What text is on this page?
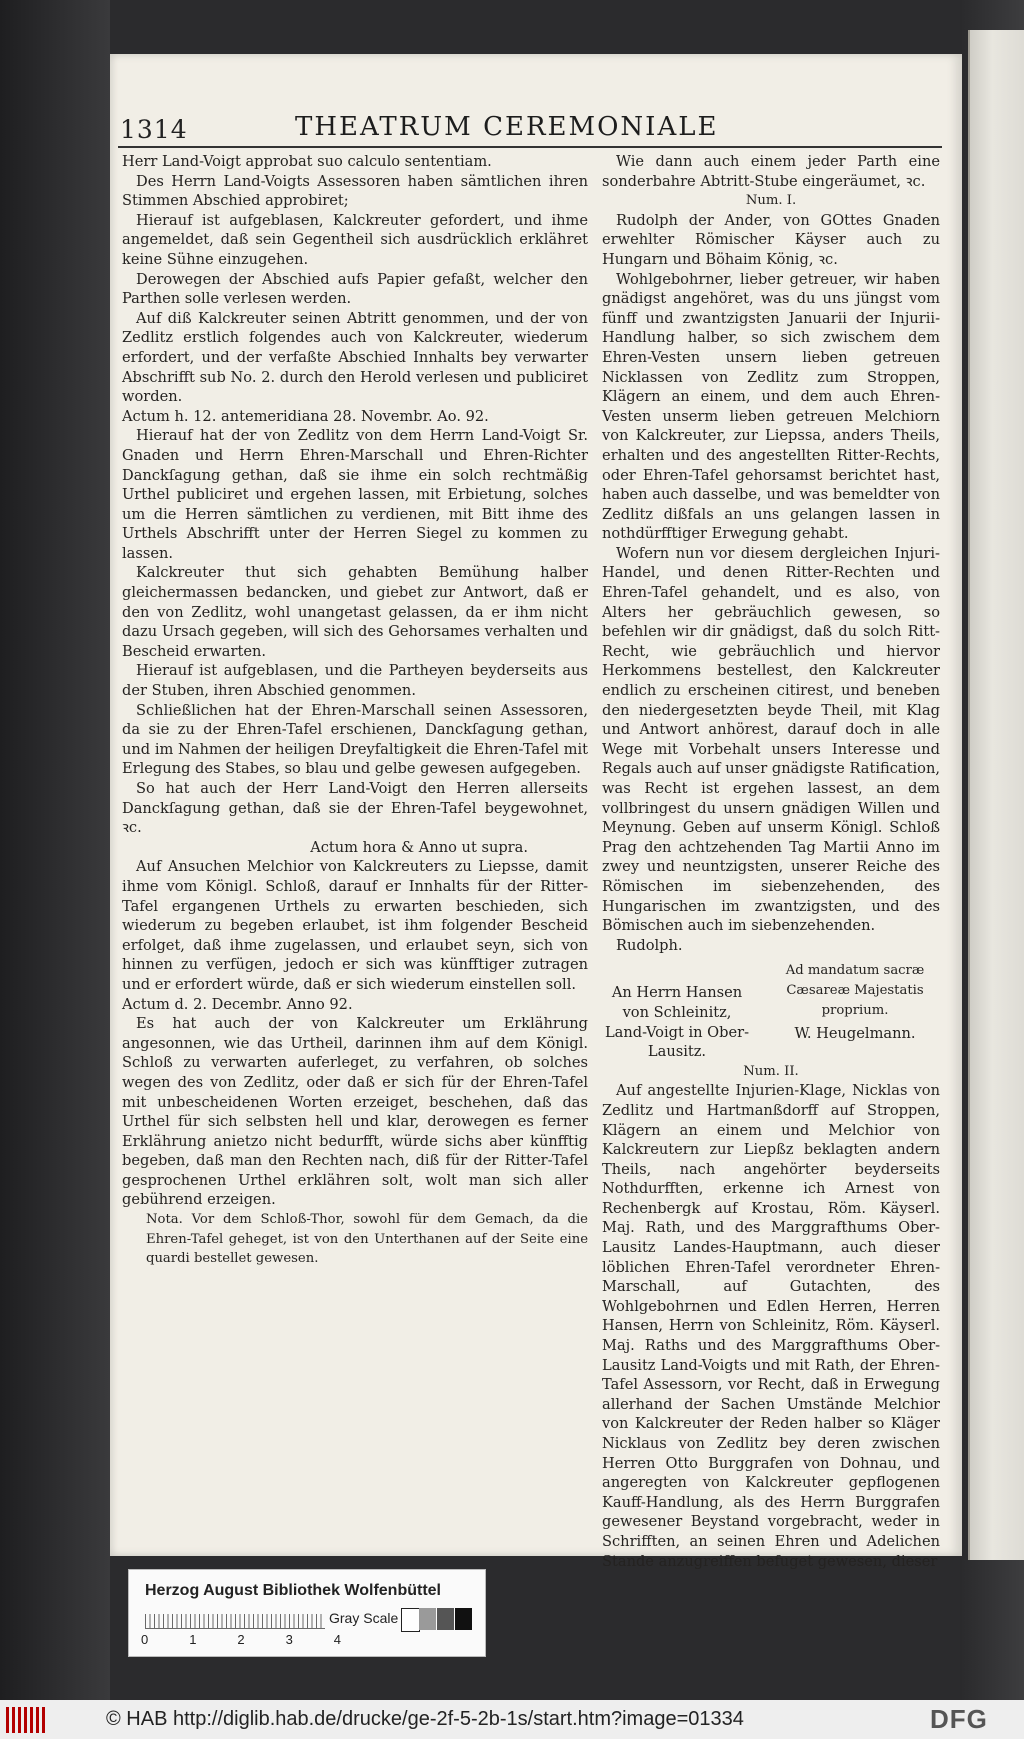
1314	THEATRUM CEREMONIALE

Herr Land-Voigt approbat suo calculo sententiam.

Des Herrn Land-Voigts Assessoren haben sämtlichen ihren Stimmen Abschied approbiret;

Hierauf ist aufgeblasen, Kalckreuter gefordert, und ihme angemeldet, daß sein Gegentheil sich ausdrücklich erklähret keine Sühne einzugehen.

Derowegen der Abschied aufs Papier gefaßt, welcher den Parthen solle verlesen werden.

Auf diß Kalckreuter seinen Abtritt genommen, und der von Zedlitz erstlich folgendes auch von Kalckreuter, wiederum erfordert, und der verfaßte Abschied Innhalts bey verwarter Abschrifft sub No. 2. durch den Herold verlesen und publiciret worden.

Actum h. 12. antemeridiana 28. Novembr. Ao. 92.

Hierauf hat der von Zedlitz von dem Herrn Land-Voigt Sr. Gnaden und Herrn Ehren-Marschall und Ehren-Richter Danckſagung gethan, daß sie ihme ein solch rechtmäßig Urthel publiciret und ergehen lassen, mit Erbietung, solches um die Herren sämtlichen zu verdienen, mit Bitt ihme des Urthels Abschrifft unter der Herren Siegel zu kommen zu lassen.

Kalckreuter thut sich gehabten Bemühung halber gleichermassen bedancken, und giebet zur Antwort, daß er den von Zedlitz, wohl unangetast gelassen, da er ihm nicht dazu Ursach gegeben, will sich des Gehorsames verhalten und Bescheid erwarten.

Hierauf ist aufgeblasen, und die Partheyen beyderseits aus der Stuben, ihren Abschied genommen.

Schließlichen hat der Ehren-Marschall seinen Assessoren, da sie zu der Ehren-Tafel erschienen, Danckſagung gethan, und im Nahmen der heiligen Dreyfaltigkeit die Ehren-Tafel mit Erlegung des Stabes, so blau und gelbe gewesen aufgegeben.

So hat auch der Herr Land-Voigt den Herren allerseits Danckſagung gethan, daß sie der Ehren-Tafel beygewohnet, ꝛc.

Actum hora & Anno ut supra.

Auf Ansuchen Melchior von Kalckreuters zu Liepsse, damit ihme vom Königl. Schloß, darauf er Innhalts für der Ritter-Tafel ergangenen Urthels zu erwarten beschieden, sich wiederum zu begeben erlaubet, ist ihm folgender Bescheid erfolget, daß ihme zugelassen, und erlaubet seyn, sich von hinnen zu verfügen, jedoch er sich was künfftiger zutragen und er erfordert würde, daß er sich wiederum einstellen soll.

Actum d. 2. Decembr. Anno 92.

Es hat auch der von Kalckreuter um Erklährung angesonnen, wie das Urtheil, darinnen ihm auf dem Königl. Schloß zu verwarten auferleget, zu verfahren, ob solches wegen des von Zedlitz, oder daß er sich für der Ehren-Tafel mit unbescheidenen Worten erzeiget, beschehen, daß das Urthel für sich selbsten hell und klar, derowegen es ferner Erklährung anietzo nicht bedurfft, würde sichs aber künfftig begeben, daß man den Rechten nach, diß für der Ritter-Tafel gesprochenen Urthel erklähren solt, wolt man sich aller gebührend erzeigen.

Nota. Vor dem Schloß-Thor, sowohl für dem Gemach, da die Ehren-Tafel geheget, ist von den Unterthanen auf der Seite eine quardi bestellet gewesen.

Wie dann auch einem jeder Parth eine sonderbahre Abtritt-Stube eingeräumet, ꝛc.

Num. I.

Rudolph der Ander, von GOttes Gnaden erwehlter Römischer Käyser auch zu Hungarn und Böhaim König, ꝛc.

Wohlgebohrner, lieber getreuer, wir haben gnädigst angehöret, was du uns jüngst vom fünff und zwantzigsten Januarii der Injurii-Handlung halber, so sich zwischem dem Ehren-Vesten unsern lieben getreuen Nicklassen von Zedlitz zum Stroppen, Klägern an einem, und dem auch Ehren-Vesten unserm lieben getreuen Melchiorn von Kalckreuter, zur Liepssa, anders Theils, erhalten und des angestellten Ritter-Rechts, oder Ehren-Tafel gehorsamst berichtet hast, haben auch dasselbe, und was bemeldter von Zedlitz dißfals an uns gelangen lassen in nothdürfftiger Erwegung gehabt.

Wofern nun vor diesem dergleichen Injuri-Handel, und denen Ritter-Rechten und Ehren-Tafel gehandelt, und es also, von Alters her gebräuchlich gewesen, so befehlen wir dir gnädigst, daß du solch Ritt-Recht, wie gebräuchlich und hiervor Herkommens bestellest, den Kalckreuter endlich zu erscheinen citirest, und beneben den niedergesetzten beyde Theil, mit Klag und Antwort anhörest, darauf doch in alle Wege mit Vorbehalt unsers Interesse und Regals auch auf unser gnädigste Ratification, was Recht ist ergehen lassest, an dem vollbringest du unsern gnädigen Willen und Meynung. Geben auf unserm Königl. Schloß Prag den achtzehenden Tag Martii Anno im zwey und neuntzigsten, unserer Reiche des Römischen im siebenzehenden, des Hungarischen im zwantzigsten, und des Bömischen auch im siebenzehenden.

Rudolph.

An Herrn Hansen von Schleinitz, Land-Voigt in Ober-Lausitz.

Ad mandatum sacræ Cæsareæ Majestatis proprium.

W. Heugelmann.

Num. II.

Auf angestellte Injurien-Klage, Nicklas von Zedlitz und Hartmanßdorff auf Stroppen, Klägern an einem und Melchior von Kalckreutern zur Liepßz beklagten andern Theils, nach angehörter beyderseits Nothdurfften, erkenne ich Arnest von Rechenbergk auf Krostau, Röm. Käyserl. Maj. Rath, und des Marggrafthums Ober-Lausitz Landes-Hauptmann, auch dieser löblichen Ehren-Tafel verordneter Ehren-Marschall, auf Gutachten, des Wohlgebohrnen und Edlen Herren, Herren Hansen, Herrn von Schleinitz, Röm. Käyserl. Maj. Raths und des Marggrafthums Ober-Lausitz Land-Voigts und mit Rath, der Ehren-Tafel Assessorn, vor Recht, daß in Erwegung allerhand der Sachen Umstände Melchior von Kalckreuter der Reden halber so Kläger Nicklaus von Zedlitz bey deren zwischen Herren Otto Burggrafen von Dohnau, und angeregten von Kalckreuter gepflogenen Kauff-Handlung, als des Herrn Burggrafen gewesener Beystand vorgebracht, weder in Schrifften, an seinen Ehren und Adelichen Stande anzugreiffen befuget gewesen, dieser

Herzog August Bibliothek Wolfenbüttel
0	1	2	3	4
Gray Scale
© HAB http://diglib.hab.de/drucke/ge-2f-5-2b-1s/start.htm?image=01334	DFG
